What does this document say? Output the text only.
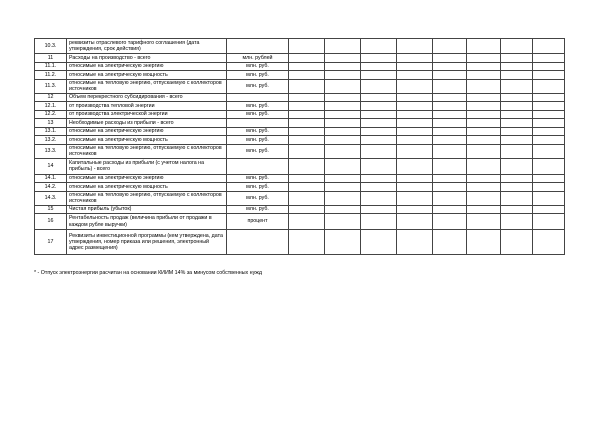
10.3.	реквизиты отраслевого тарифного соглашения (дата утверждения, срок действия)									
11	Расходы на производство - всего	млн. рублей								
11.1.	относимые на электрическую энергию	млн. руб.								
11.2.	относимые на электрическую мощность	млн. руб.								
11.3.	относимые на тепловую энергию, отпускаемую с коллекторов источников	млн. руб.								
12	Объем перекрестного субсидирования - всего									
12.1.	от производства тепловой энергии	млн. руб.								
12.2.	от производства электрической энергии	млн. руб.								
13	Необходимые расходы из прибыли - всего									
13.1.	относимые на электрическую энергию	млн. руб.								
13.2.	относимые на электрическую мощность	млн. руб.								
13.3.	относимые на тепловую энергию, отпускаемую с коллекторов источников	млн. руб.								
14	Капитальные расходы из прибыли (с учетом налога на прибыль) - всего									
14.1.	относимые на электрическую энергию	млн. руб.								
14.2.	относимые на электрическую мощность	млн. руб.								
14.3.	относимые на тепловую энергию, отпускаемую с коллекторов источников	млн. руб.								
15	Чистая прибыль (убыток)	млн. руб.								
16	Рентабельность продаж (величина прибыли от продажи в каждом рубле выручки)	процент								
17	Реквизиты инвестиционной программы (кем утверждена, дата утверждения, номер приказа или решения, электронный адрес размещения)									
* - Отпуск электроэнергии расчитан на основании КИИМ 14% за минусом собственных нужд
